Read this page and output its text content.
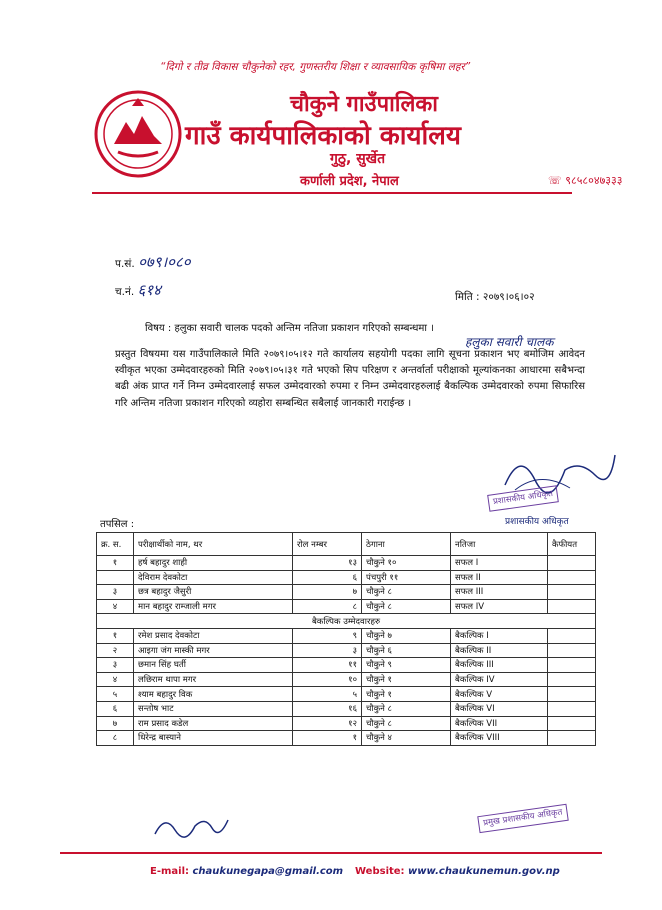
“दिगो र तीव्र विकास चौकुनेको रहर, गुणस्तरीय शिक्षा र व्यावसायिक कृषिमा लहर”
चौकुने गाउँपालिका
गाउँ कार्यपालिकाको कार्यालय
गुठु, सुर्खेत
कर्णाली प्रदेश, नेपाल	☏ ९८५८०४७३३३
प.सं. ०७९।०८०
च.नं. ६१४	मिति : २०७९।०६।०२
विषय : हलुका सवारी चालक पदको अन्तिम नतिजा प्रकाशन गरिएको सम्बन्धमा ।
हलुका सवारी चालक
प्रस्तुत विषयमा यस गाउँपालिकाले मिति २०७९।०५।१२ गते कार्यालय सहयोगी पदका लागि सूचना प्रकाशन भए बमोजिम आवेदन स्वीकृत भएका उम्मेदवारहरुको मिति २०७९।०५।३१ गते भएको सिप परिक्षण र अन्तर्वार्ता परीक्षाको मूल्यांकनका आधारमा सबैभन्दा बढी अंक प्राप्त गर्ने निम्न उम्मेदवारलाई सफल उम्मेदवारको रुपमा र निम्न उम्मेदवारहरुलाई बैकल्पिक उम्मेदवारको रुपमा सिफारिस गरि अन्तिम नतिजा प्रकाशन गरिएको व्यहोरा सम्बन्धित सबैलाई जानकारी गराईन्छ ।
प्रशासकीय अधिकृत
प्रशासकीय अधिकृत
तपसिल :
क्र. स.	परीक्षार्थीको नाम, थर	रोल नम्बर	ठेगाना	नतिजा	कैफीयत
१	हर्ष बहादुर शाही	१३	चौकुने १०	सफल I	
	देविराम देवकोटा	६	पंचपुरी ११	सफल II	
३	छत्र बहादुर जैसुरी	७	चौकुने ८	सफल III	
४	मान बहादुर राम्जाली मगर	८	चौकुने ८	सफल IV	
बैकल्पिक उम्मेदवारहरु					
१	रमेश प्रसाद देवकोटा	९	चौकुने ७	बैकल्पिक I	
२	आइगा जंग मास्की मगर	३	चौकुने ६	बैकल्पिक II	
३	छमान सिंह घर्ती	११	चौकुने ९	बैकल्पिक III	
४	लछिराम थापा मगर	१०	चौकुने १	बैकल्पिक IV	
५	श्याम बहादुर विक	५	चौकुने १	बैकल्पिक V	
६	सन्तोष भाट	१६	चौकुने ८	बैकल्पिक VI	
७	राम प्रसाद कडेल	१२	चौकुने ८	बैकल्पिक VII	
८	धिरेन्द्र बास्याने	१	चौकुने ४	बैकल्पिक VIII	
प्रमुख प्रशासकीय अधिकृत
E-mail: chaukunegapa@gmail.com Website: www.chaukunemun.gov.np
